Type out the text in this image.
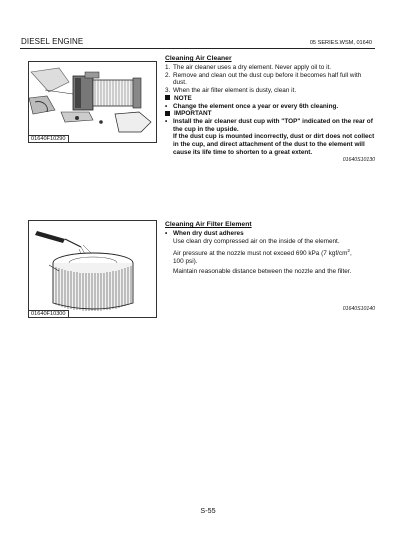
DIESEL ENGINE	05 SERIES.WSM, 01640
01640F10290
Cleaning Air Cleaner
1. The air cleaner uses a dry element. Never apply oil to it.
2. Remove and clean out the dust cup before it becomes half full with dust.
3. When the air filter element is dusty, clean it.
NOTE
• Change the element once a year or every 6th cleaning.
IMPORTANT
• Install the air cleaner dust cup with "TOP" indicated on the rear of the cup in the upside.
If the dust cup is mounted incorrectly, dust or dirt does not collect in the cup, and direct attachment of the dust to the element will cause its life time to shorten to a great extent.
01640S10130
01640F10300
Cleaning Air Filter Element
• When dry dust adheres
Use clean dry compressed air on the inside of the element.
Air pressure at the nozzle must not exceed 690 kPa (7 kgf/$cm^2$,
100 psi).
Maintain reasonable distance between the nozzle and the filter.
01640S10140
S-55
